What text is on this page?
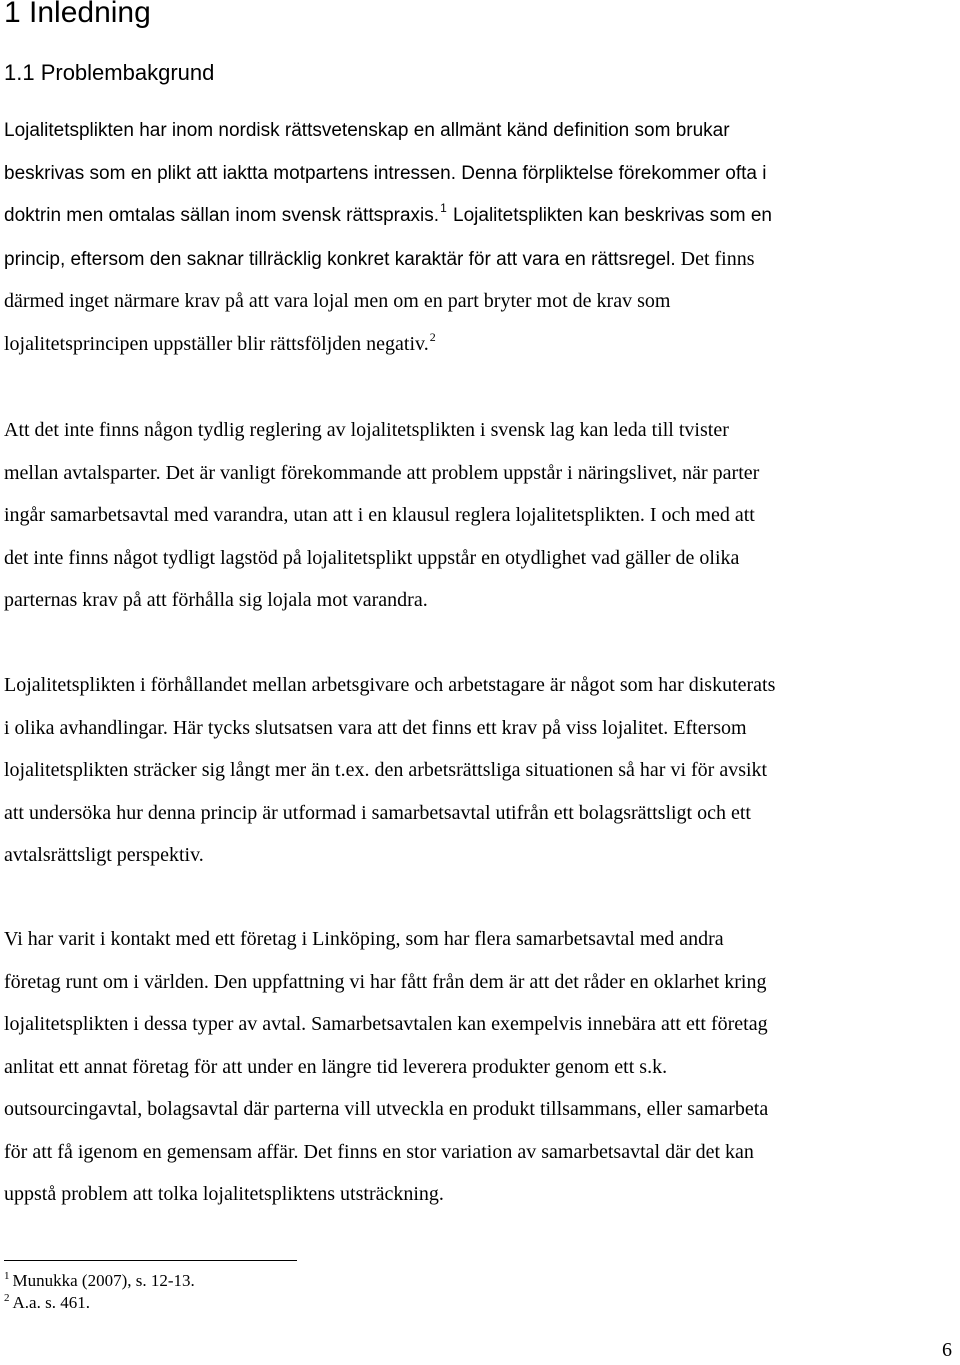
1 Inledning
1.1 Problembakgrund
Lojalitetsplikten har inom nordisk rättsvetenskap en allmänt känd definition som brukar
beskrivas som en plikt att iaktta motpartens intressen. Denna förpliktelse förekommer ofta i
doktrin men omtalas sällan inom svensk rättspraxis.$^1$ Lojalitetsplikten kan beskrivas som en
princip, eftersom den saknar tillräcklig konkret karaktär för att vara en rättsregel. Det finns
därmed inget närmare krav på att vara lojal men om en part bryter mot de krav som
lojalitetsprincipen uppställer blir rättsföljden negativ.$^2$
Att det inte finns någon tydlig reglering av lojalitetsplikten i svensk lag kan leda till tvister
mellan avtalsparter. Det är vanligt förekommande att problem uppstår i näringslivet, när parter
ingår samarbetsavtal med varandra, utan att i en klausul reglera lojalitetsplikten. I och med att
det inte finns något tydligt lagstöd på lojalitetsplikt uppstår en otydlighet vad gäller de olika
parternas krav på att förhålla sig lojala mot varandra.
Lojalitetsplikten i förhållandet mellan arbetsgivare och arbetstagare är något som har diskuterats
i olika avhandlingar. Här tycks slutsatsen vara att det finns ett krav på viss lojalitet. Eftersom
lojalitetsplikten sträcker sig långt mer än t.ex. den arbetsrättsliga situationen så har vi för avsikt
att undersöka hur denna princip är utformad i samarbetsavtal utifrån ett bolagsrättsligt och ett
avtalsrättsligt perspektiv.
Vi har varit i kontakt med ett företag i Linköping, som har flera samarbetsavtal med andra
företag runt om i världen. Den uppfattning vi har fått från dem är att det råder en oklarhet kring
lojalitetsplikten i dessa typer av avtal. Samarbetsavtalen kan exempelvis innebära att ett företag
anlitat ett annat företag för att under en längre tid leverera produkter genom ett s.k.
outsourcingavtal, bolagsavtal där parterna vill utveckla en produkt tillsammans, eller samarbeta
för att få igenom en gemensam affär. Det finns en stor variation av samarbetsavtal där det kan
uppstå problem att tolka lojalitetspliktens utsträckning.
$^1$ Munukka (2007), s. 12-13.
$^2$ A.a. s. 461.
6
